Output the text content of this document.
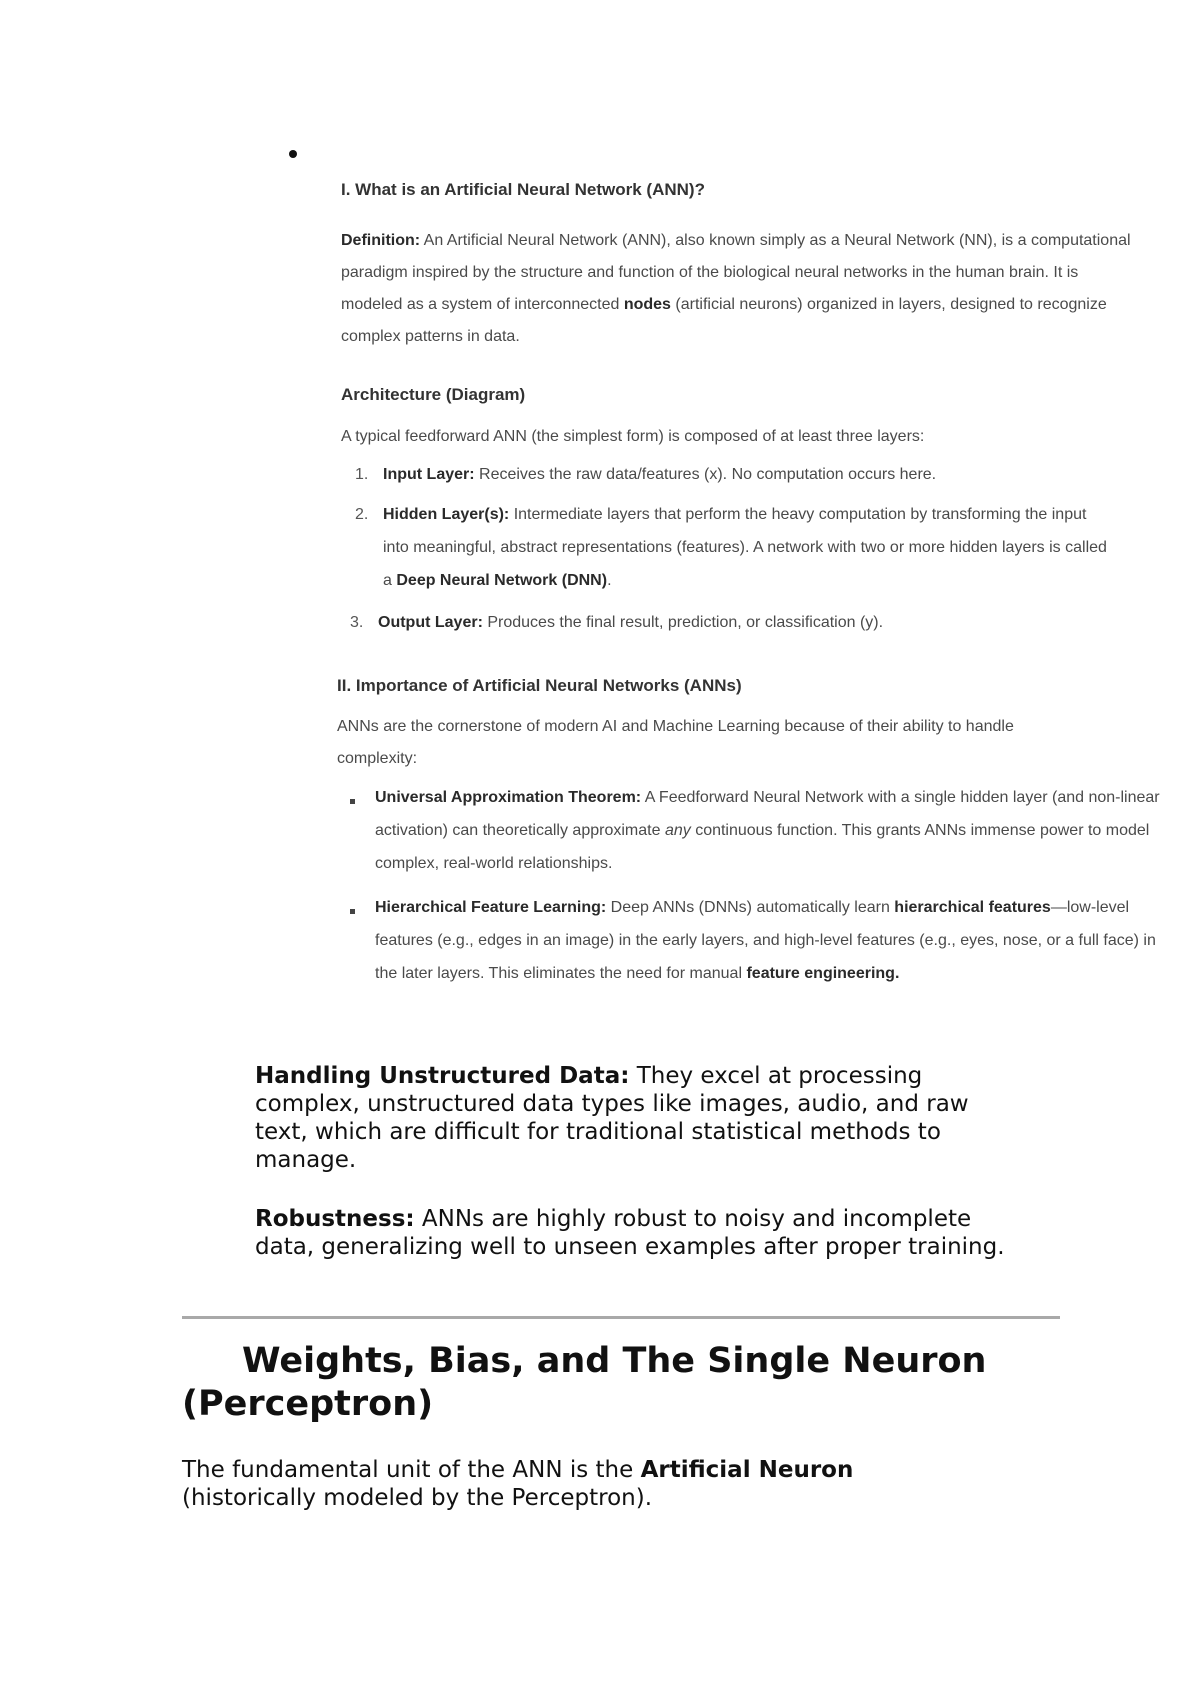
I. What is an Artificial Neural Network (ANN)?
Definition: An Artificial Neural Network (ANN), also known simply as a Neural Network (NN), is a computational paradigm inspired by the structure and function of the biological neural networks in the human brain. It is modeled as a system of interconnected nodes (artificial neurons) organized in layers, designed to recognize complex patterns in data.
Architecture (Diagram)
A typical feedforward ANN (the simplest form) is composed of at least three layers:
1. Input Layer: Receives the raw data/features (x). No computation occurs here.
2. Hidden Layer(s): Intermediate layers that perform the heavy computation by transforming the input into meaningful, abstract representations (features). A network with two or more hidden layers is called a Deep Neural Network (DNN).
3. Output Layer: Produces the final result, prediction, or classification (y).
II. Importance of Artificial Neural Networks (ANNs)
ANNs are the cornerstone of modern AI and Machine Learning because of their ability to handle complexity:
Universal Approximation Theorem: A Feedforward Neural Network with a single hidden layer (and non-linear activation) can theoretically approximate any continuous function. This grants ANNs immense power to model complex, real-world relationships.
Hierarchical Feature Learning: Deep ANNs (DNNs) automatically learn hierarchical features—low-level features (e.g., edges in an image) in the early layers, and high-level features (e.g., eyes, nose, or a full face) in the later layers. This eliminates the need for manual feature engineering.
Handling Unstructured Data: They excel at processing complex, unstructured data types like images, audio, and raw text, which are difficult for traditional statistical methods to manage.
Robustness: ANNs are highly robust to noisy and incomplete data, generalizing well to unseen examples after proper training.
Weights, Bias, and The Single Neuron (Perceptron)
The fundamental unit of the ANN is the Artificial Neuron (historically modeled by the Perceptron).
